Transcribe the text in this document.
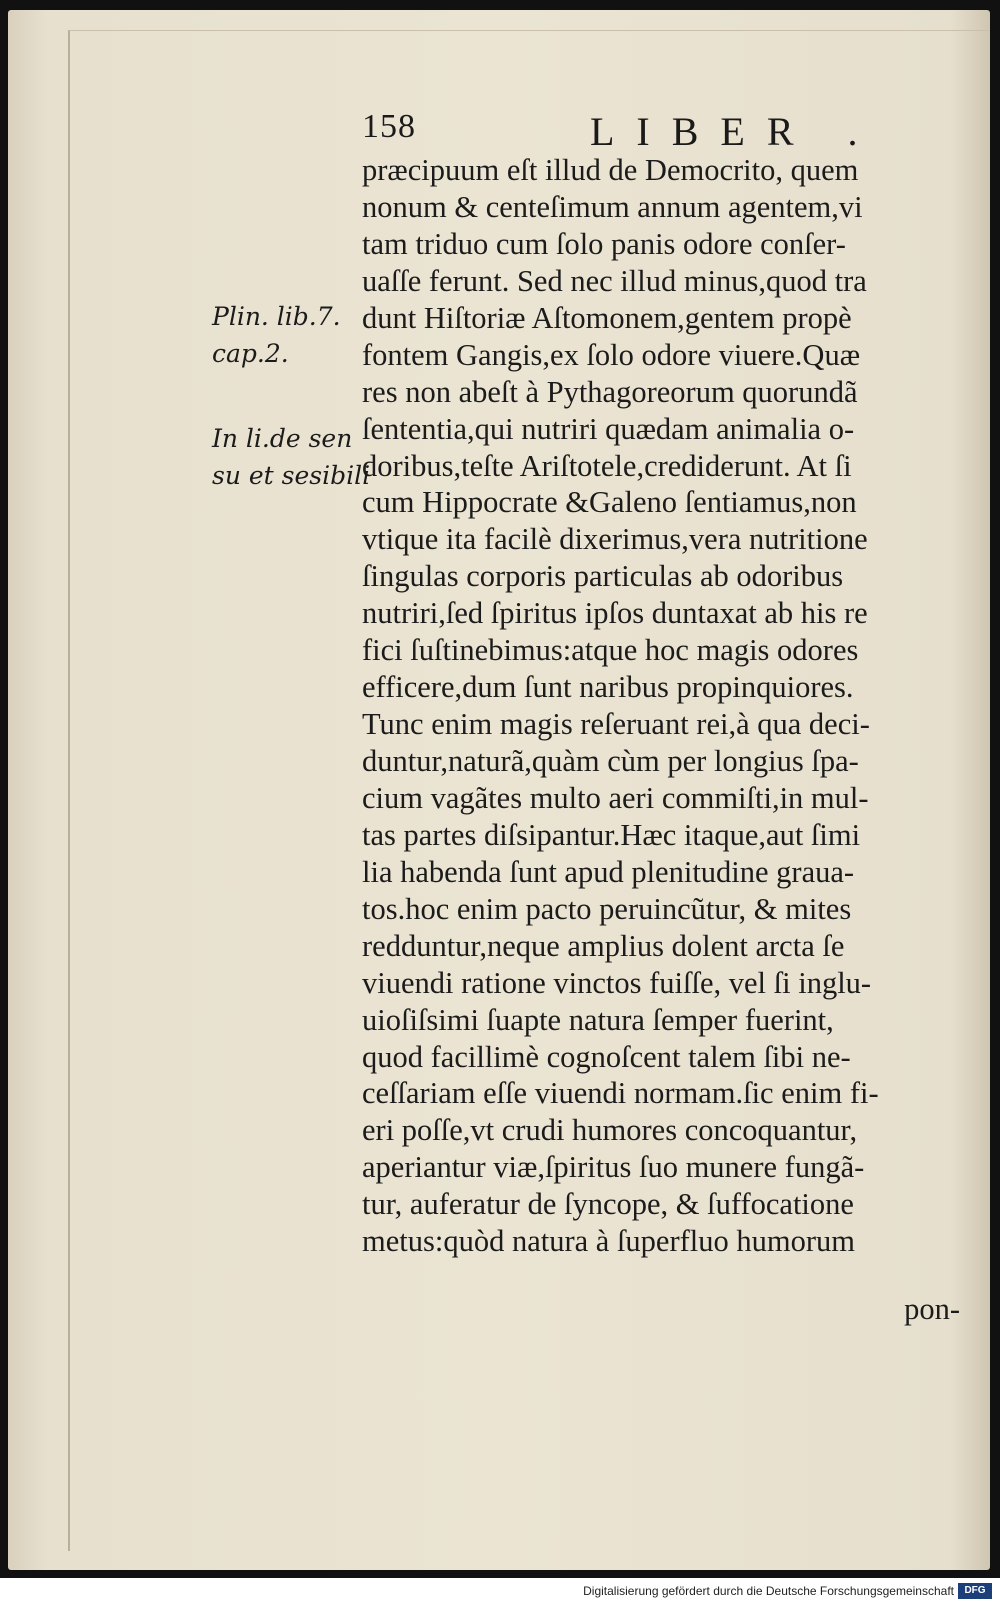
158	LIBER .
Plin. lib.7.
cap.2.
In li.de sen
su et sesibili
præcipuum eſt illud de Democrito, quem
nonum & centeſimum annum agentem,vi
tam triduo cum ſolo panis odore conſer-
uaſſe ferunt. Sed nec illud minus,quod tra
dunt Hiſtoriæ Aſtomonem,gentem propè
fontem Gangis,ex ſolo odore viuere.Quæ
res non abeſt à Pythagoreorum quorundã
ſententia,qui nutriri quædam animalia o-
doribus,teſte Ariſtotele,crediderunt. At ſi
cum Hippocrate &Galeno ſentiamus,non
vtique ita facilè dixerimus,vera nutritione
ſingulas corporis particulas ab odoribus
nutriri,ſed ſpiritus ipſos duntaxat ab his re
fici ſuſtinebimus:atque hoc magis odores
efficere,dum ſunt naribus propinquiores.
Tunc enim magis reſeruant rei,à qua deci-
duntur,naturã,quàm cùm per longius ſpa-
cium vagãtes multo aeri commiſti,in mul-
tas partes diſsipantur.Hæc itaque,aut ſimi
lia habenda ſunt apud plenitudine graua-
tos.hoc enim pacto peruincũtur, & mites
redduntur,neque amplius dolent arcta ſe
viuendi ratione vinctos fuiſſe, vel ſi inglu-
uioſiſsimi ſuapte natura ſemper fuerint,
quod facillimè cognoſcent talem ſibi ne-
ceſſariam eſſe viuendi normam.ſic enim fi-
eri poſſe,vt crudi humores concoquantur,
aperiantur viæ,ſpiritus ſuo munere fungã-
tur, auferatur de ſyncope, & ſuffocatione
metus:quòd natura à ſuperfluo humorum
pon-
Digitalisierung gefördert durch die Deutsche Forschungsgemeinschaft	DFG
